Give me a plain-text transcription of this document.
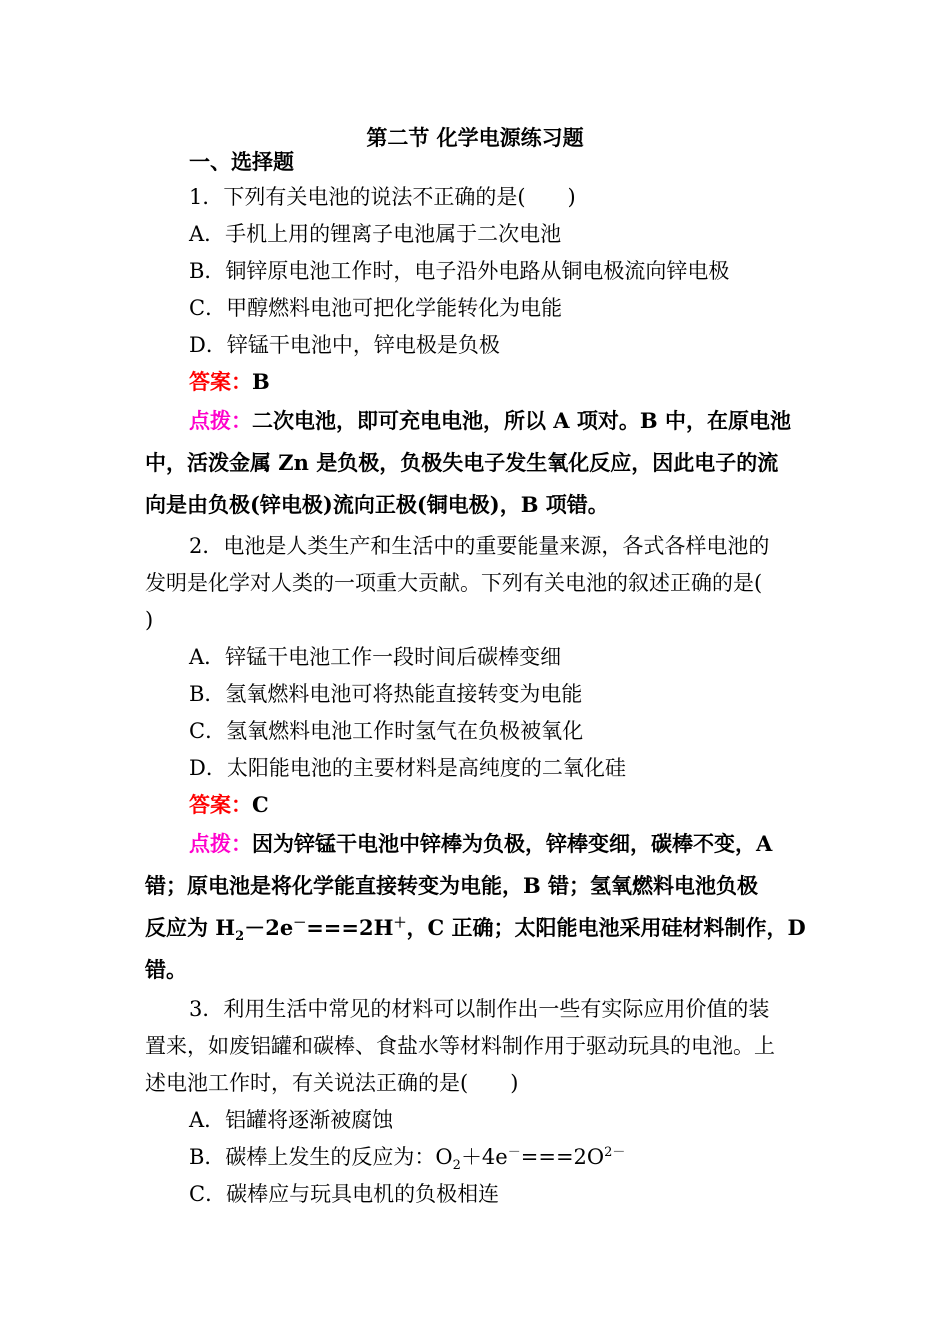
第二节 化学电源练习题
一、选择题
1．下列有关电池的说法不正确的是(　　)
A．手机上用的锂离子电池属于二次电池
B．铜锌原电池工作时，电子沿外电路从铜电极流向锌电极
C．甲醇燃料电池可把化学能转化为电能
D．锌锰干电池中，锌电极是负极
答案：B
点拨：二次电池，即可充电电池，所以 A 项对。B 中，在原电池
中，活泼金属 Zn 是负极，负极失电子发生氧化反应，因此电子的流
向是由负极(锌电极)流向正极(铜电极)，B 项错。
2．电池是人类生产和生活中的重要能量来源，各式各样电池的
发明是化学对人类的一项重大贡献。下列有关电池的叙述正确的是(
)
A．锌锰干电池工作一段时间后碳棒变细
B．氢氧燃料电池可将热能直接转变为电能
C．氢氧燃料电池工作时氢气在负极被氧化
D．太阳能电池的主要材料是高纯度的二氧化硅
答案：C
点拨：因为锌锰干电池中锌棒为负极，锌棒变细，碳棒不变，A
错；原电池是将化学能直接转变为电能，B 错；氢氧燃料电池负极
反应为 $H_2-2e^-===2H^+$，C 正确；太阳能电池采用硅材料制作，D
错。
3．利用生活中常见的材料可以制作出一些有实际应用价值的装
置来，如废铝罐和碳棒、食盐水等材料制作用于驱动玩具的电池。上
述电池工作时，有关说法正确的是(　　)
A．铝罐将逐渐被腐蚀
B．碳棒上发生的反应为：$O_2+4e^-===2O^{2-}$
C．碳棒应与玩具电机的负极相连
